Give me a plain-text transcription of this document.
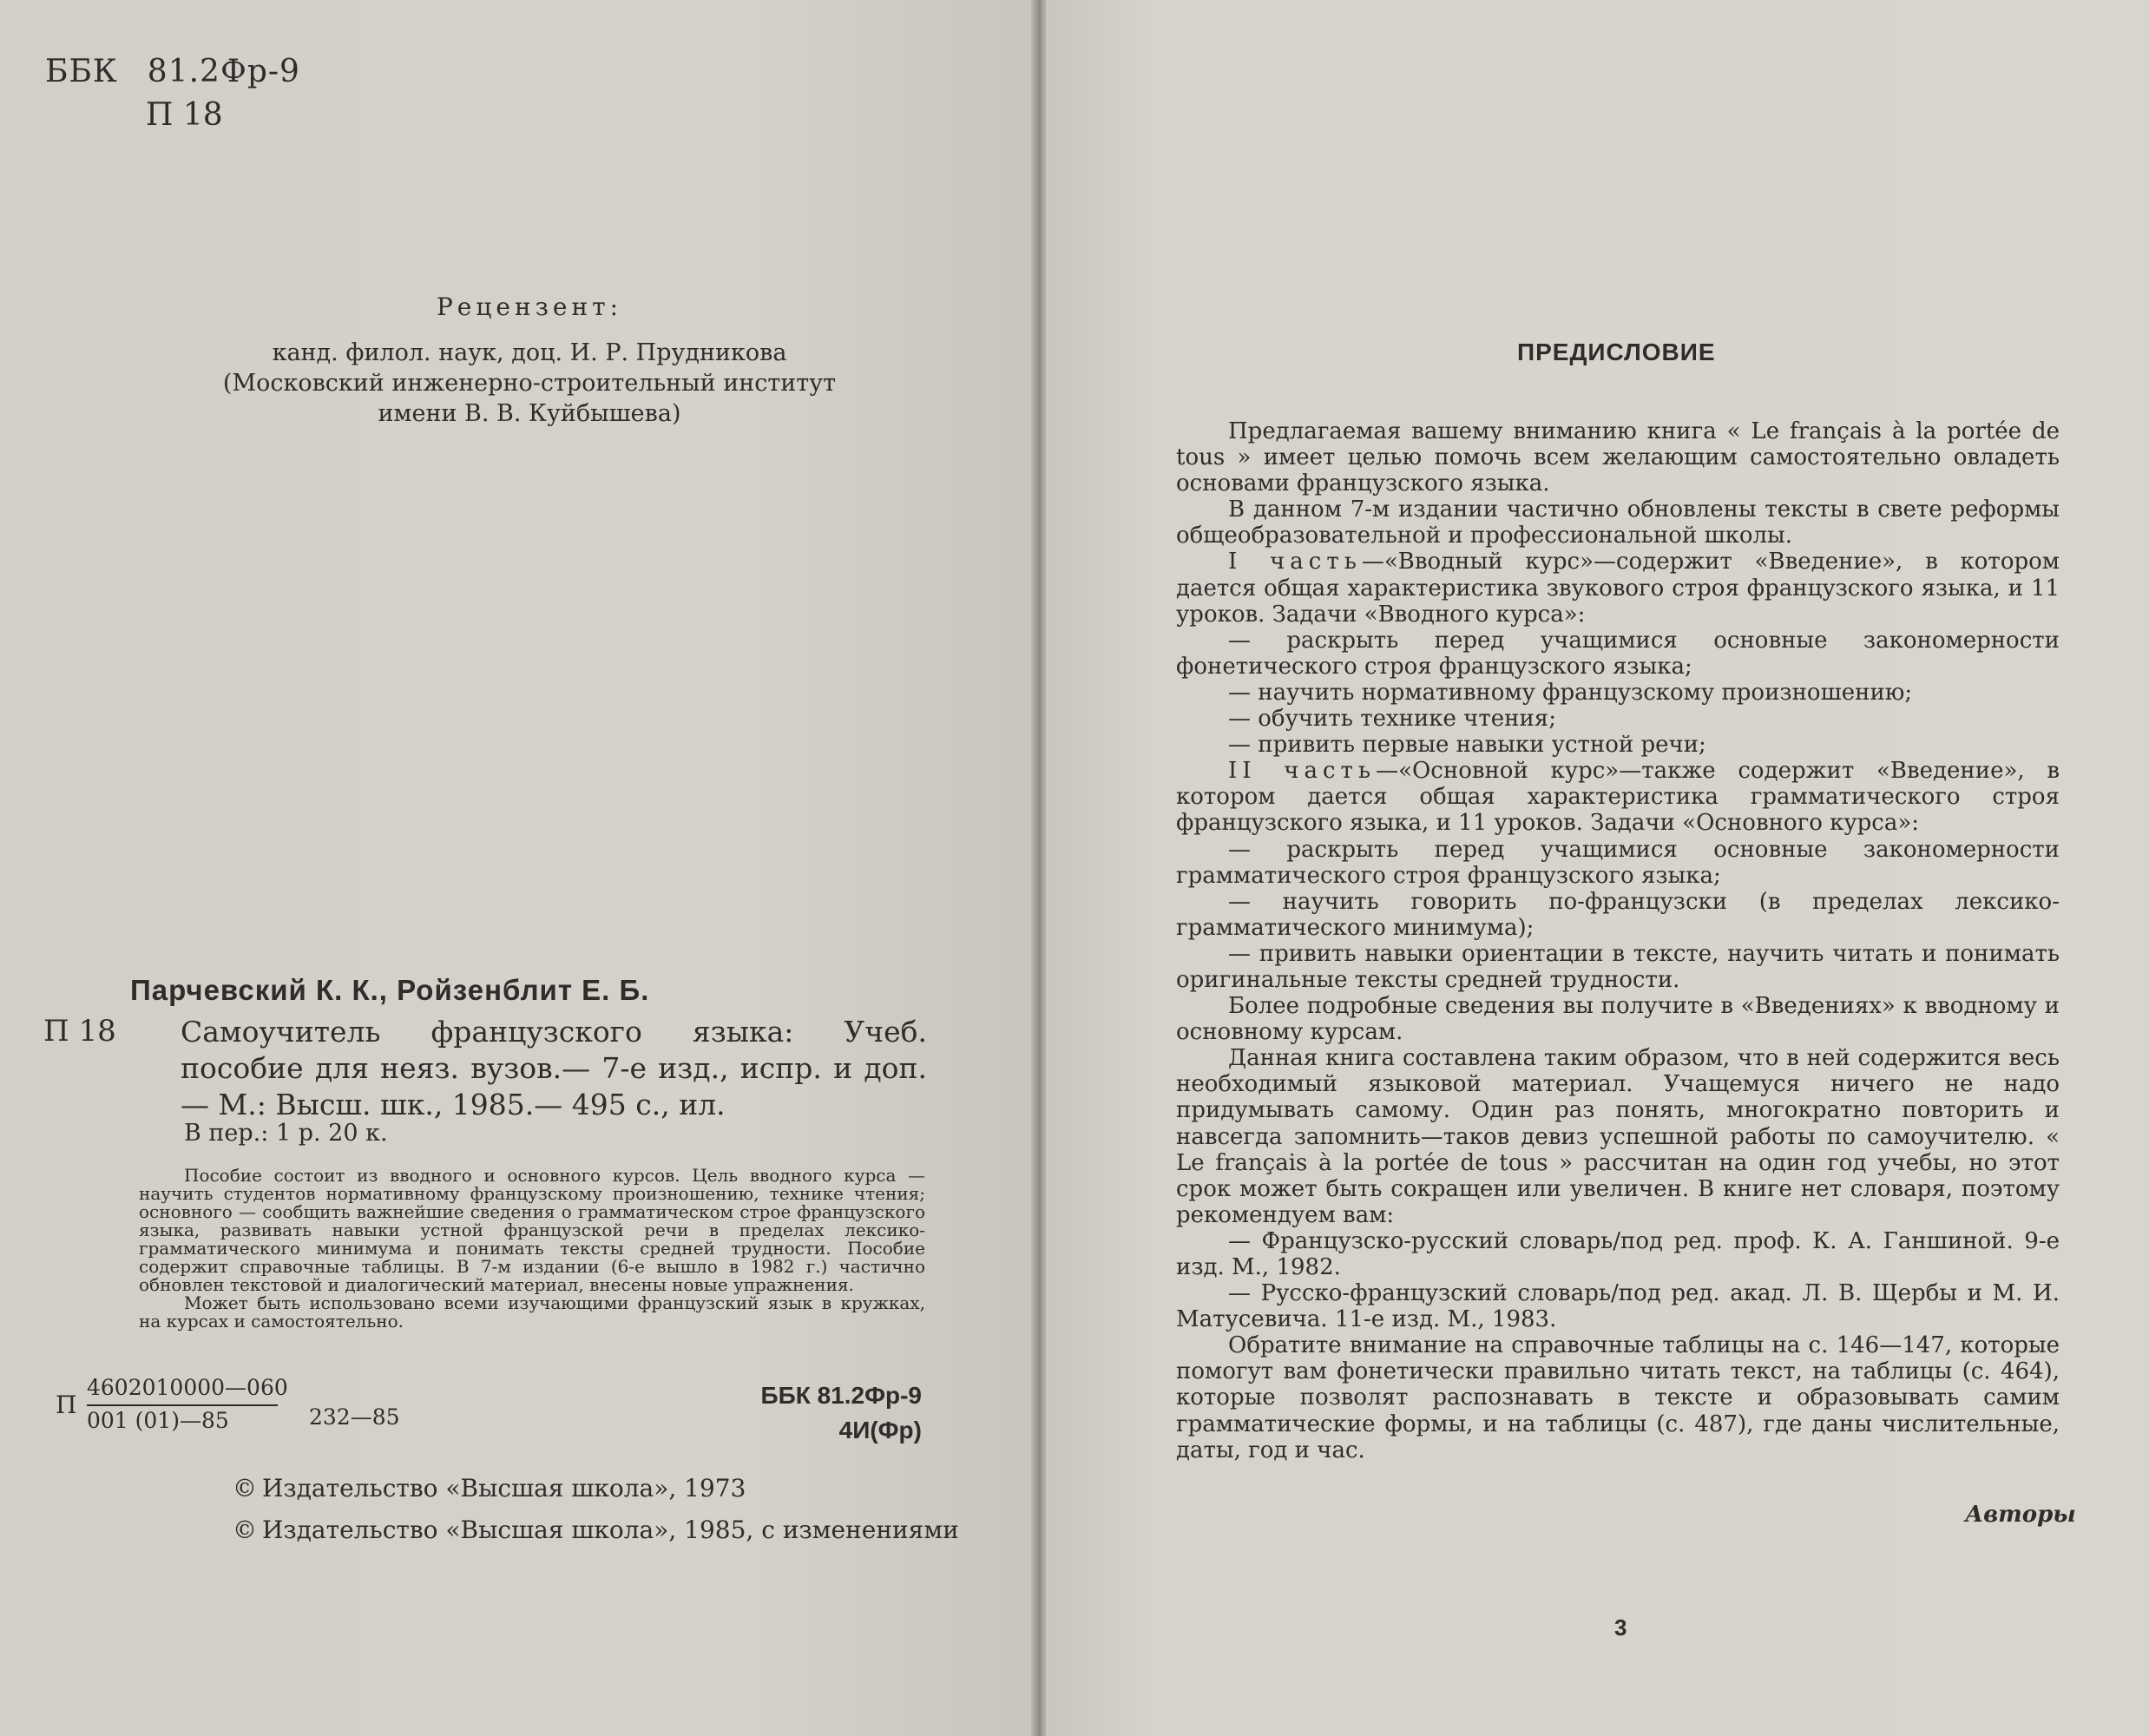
ББК 81.2Фр-9
П 18
Рецензент:
канд. филол. наук, доц. И. Р. Прудникова
(Московский инженерно-строительный институт
имени В. В. Куйбышева)
Парчевский К. К., Ройзенблит Е. Б.
П 18 Самоучитель французского языка: Учеб. пособие для неяз. вузов.— 7-е изд., испр. и доп.— М.: Высш. шк., 1985.— 495 с., ил.
В пер.: 1 р. 20 к.

Пособие состоит из вводного и основного курсов. Цель вводного курса — научить студентов нормативному французскому произношению, технике чтения; основного — сообщить важнейшие сведения о грамматическом строе французского языка, развивать навыки устной французской речи в пределах лексико-грамматического минимума и понимать тексты средней трудности. Пособие содержит справочные таблицы. В 7-м издании (6-е вышло в 1982 г.) частично обновлен текстовой и диалогический материал, внесены новые упражнения.

Может быть использовано всеми изучающими французский язык в кружках, на курсах и самостоятельно.

П
4602010000—060
001 (01)—85	232—85
ББК 81.2Фр-9
4И(Фр)
© Издательство «Высшая школа», 1973
© Издательство «Высшая школа», 1985, с изменениями
ПРЕДИСЛОВИЕ

Предлагаемая вашему вниманию книга « Le français à la portée de tous » имеет целью помочь всем желающим самостоятельно овладеть основами французского языка.

В данном 7-м издании частично обновлены тексты в свете реформы общеобразовательной и профессиональной школы.

I часть—«Вводный курс»—содержит «Введение», в котором дается общая характеристика звукового строя французского языка, и 11 уроков. Задачи «Вводного курса»:

— раскрыть перед учащимися основные закономерности фонетического строя французского языка;

— научить нормативному французскому произношению;

— обучить технике чтения;

— привить первые навыки устной речи;

II часть—«Основной курс»—также содержит «Введение», в котором дается общая характеристика грамматического строя французского языка, и 11 уроков. Задачи «Основного курса»:

— раскрыть перед учащимися основные закономерности грамматического строя французского языка;

— научить говорить по-французски (в пределах лексико-грамматического минимума);

— привить навыки ориентации в тексте, научить читать и понимать оригинальные тексты средней трудности.

Более подробные сведения вы получите в «Введениях» к вводному и основному курсам.

Данная книга составлена таким образом, что в ней содержится весь необходимый языковой материал. Учащемуся ничего не надо придумывать самому. Один раз понять, многократно повторить и навсегда запомнить—таков девиз успешной работы по самоучителю. « Le français à la portée de tous » рассчитан на один год учебы, но этот срок может быть сокращен или увеличен. В книге нет словаря, поэтому рекомендуем вам:

— Французско-русский словарь/под ред. проф. К. А. Ганшиной. 9-е изд. М., 1982.

— Русско-французский словарь/под ред. акад. Л. В. Щербы и М. И. Матусевича. 11-е изд. М., 1983.

Обратите внимание на справочные таблицы на с. 146—147, которые помогут вам фонетически правильно читать текст, на таблицы (с. 464), которые позволят распознавать в тексте и образовывать самим грамматические формы, и на таблицы (с. 487), где даны числительные, даты, год и час.

Авторы
3
